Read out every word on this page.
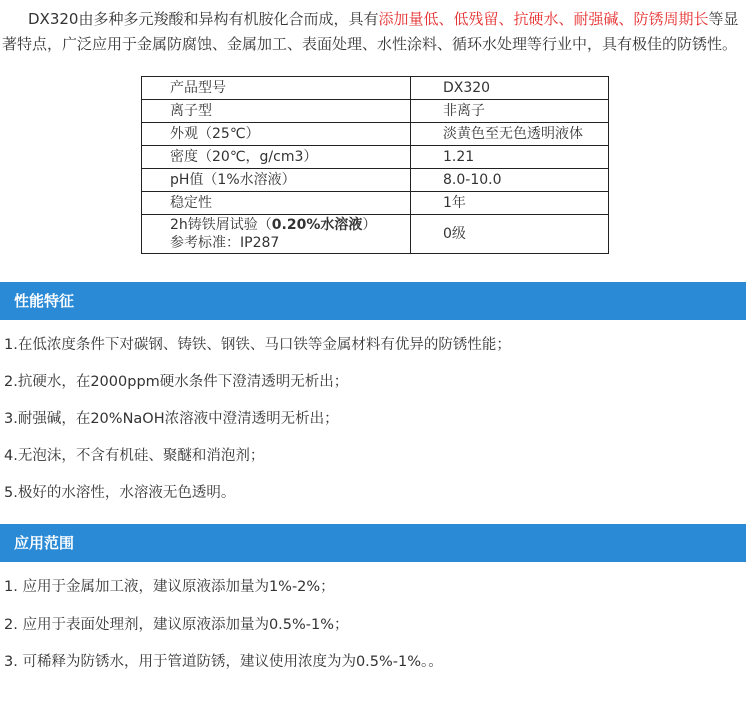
DX320由多种多元羧酸和异构有机胺化合而成，具有添加量低、低残留、抗硬水、耐强碱、防锈周期长等显著特点，广泛应用于金属防腐蚀、金属加工、表面处理、水性涂料、循环水处理等行业中，具有极佳的防锈性。

产品型号	DX320
离子型	非离子
外观（25℃）	淡黄色至无色透明液体
密度（20℃，g/cm3）	1.21
pH值（1%水溶液）	8.0-10.0
稳定性	1年
2h铸铁屑试验（0.20%水溶液）
参考标准：IP287	0级
性能特征
1.在低浓度条件下对碳钢、铸铁、钢铁、马口铁等金属材料有优异的防锈性能；
2.抗硬水，在2000ppm硬水条件下澄清透明无析出；
3.耐强碱，在20%NaOH浓溶液中澄清透明无析出；
4.无泡沫，不含有机硅、聚醚和消泡剂；
5.极好的水溶性，水溶液无色透明。
应用范围
1. 应用于金属加工液，建议原液添加量为1%-2%；
2. 应用于表面处理剂，建议原液添加量为0.5%-1%；
3. 可稀释为防锈水，用于管道防锈，建议使用浓度为为0.5%-1%。。
